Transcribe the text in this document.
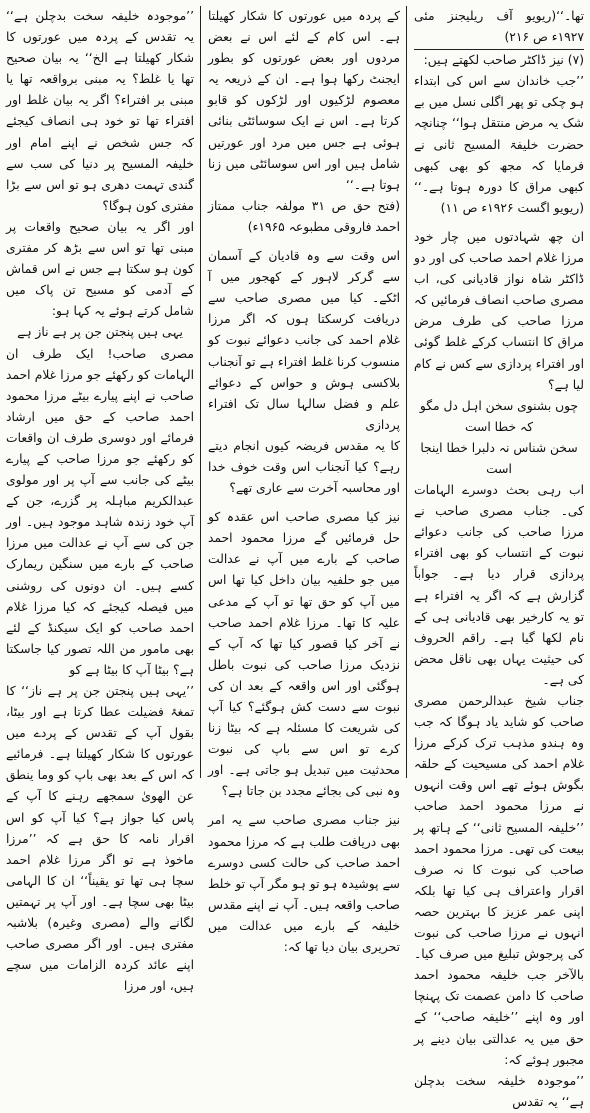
تھا۔‘‘(ریویو آف ریلیجنز مئی ۱۹۲۷ء ص ۲۱۶)

(۷) نیز ڈاکٹر صاحب لکھتے ہیں:

’’جب خاندان سے اس کی ابتداء ہو چکی تو پھر اگلی نسل میں بے شک یہ مرض منتقل ہوا‘‘ چنانچہ حضرت خلیفۃ المسیح ثانی نے فرمایا کہ مجھ کو بھی کبھی کبھی مراق کا دورہ ہوتا ہے۔‘‘ (ریویو اگست ۱۹۲۶ء ص ۱۱)

ان چھ شہادتوں میں چار خود مرزا غلام احمد صاحب کی اور دو ڈاکٹر شاہ نواز قادیانی کی، اب مصری صاحب انصاف فرمائیں کہ مرزا صاحب کی طرف مرض مراق کا انتساب کرکے غلط گوئی اور افتراء پردازی سے کس نے کام لیا ہے؟

چوں بشنوی سخن اہل دل مگو کہ خطا است

سخن شناس نہ دلبرا خطا اینجا است

اب رہی بحث دوسرے الہامات کی۔ جناب مصری صاحب نے مرزا صاحب کی جانب دعوائے نبوت کے انتساب کو بھی افتراء پردازی قرار دیا ہے۔ جواباً گزارش ہے کہ اگر یہ افتراء ہے تو یہ کارخیر بھی قادیانی ہی کے نام لکھا گیا ہے۔ راقم الحروف کی حیثیت یہاں بھی ناقل محض کی ہے۔

جناب شیخ عبدالرحمن مصری صاحب کو شاید یاد ہوگا کہ جب وہ ہندو مذہب ترک کرکے مرزا غلام احمد کی مسیحیت کے حلقہ بگوش ہوئے تھے اس وقت انہوں نے مرزا محمود احمد صاحب ’’خلیفہ المسیح ثانی‘‘ کے ہاتھ پر بیعت کی تھی۔ مرزا محمود احمد صاحب کی نبوت کا نہ صرف اقرار واعتراف ہی کیا تھا بلکہ اپنی عمر عزیز کا بہترین حصہ انہوں نے مرزا صاحب کی نبوت کی پرجوش تبلیغ میں صرف کیا۔ بالآخر جب خلیفہ محمود احمد صاحب کا دامن عصمت تک پہنچا اور وہ اپنے ’’خلیفہ صاحب‘‘ کے حق میں یہ عدالتی بیان دینے پر مجبور ہوئے کہ:

’’موجودہ خلیفہ سخت بدچلن ہے‘‘ یہ تقدس

کے پردہ میں عورتوں کا شکار کھیلتا ہے۔ اس کام کے لئے اس نے بعض مردوں اور بعض عورتوں کو بطور ایجنٹ رکھا ہوا ہے۔ ان کے ذریعہ یہ معصوم لڑکیوں اور لڑکوں کو قابو کرتا ہے۔ اس نے ایک سوسائٹی بنائی ہوئی ہے جس میں مرد اور عورتیں شامل ہیں اور اس سوسائٹی میں زنا ہوتا ہے۔‘‘

(فتح حق ص ۳۱ مولفہ جناب ممتاز احمد فاروقی مطبوعہ ۱۹۶۵ء)

اس وقت سے وہ قادیان کے آسمان سے گرکر لاہور کے کھجور میں آ اٹکے۔ کیا میں مصری صاحب سے دریافت کرسکتا ہوں کہ اگر مرزا غلام احمد کی جانب دعوائے نبوت کو منسوب کرنا غلط افتراء ہے تو آنجناب بلاکسی ہوش و حواس کے دعوائے علم و فضل سالہا سال تک افتراء پردازی

کا یہ مقدس فریضہ کیوں انجام دیتے رہے؟ کیا آنجناب اس وقت خوف خدا اور محاسبہ آخرت سے عاری تھے؟

نیز کیا مصری صاحب اس عقدہ کو حل فرمائیں گے مرزا محمود احمد صاحب کے بارے میں آپ نے عدالت میں جو حلفیہ بیان داخل کیا تھا اس میں آپ کو حق تھا تو آپ کے مدعی علیہ کا تھا۔ مرزا غلام احمد صاحب نے آخر کیا قصور کیا تھا کہ آپ کے نزدیک مرزا صاحب کی نبوت باطل ہوگئی اور اس واقعہ کے بعد ان کی نبوت سے دست کش ہوگئے؟ کیا آپ کی شریعت کا مسئلہ ہے کہ بیٹا زنا کرے تو اس سے باپ کی نبوت محدثیت میں تبدیل ہو جاتی ہے۔ اور وہ نبی کی بجائے مجدد بن جاتا ہے؟

نیز جناب مصری صاحب سے یہ امر بھی دریافت طلب ہے کہ مرزا محمود احمد صاحب کی حالت کسی دوسرے سے پوشیدہ ہو تو ہو مگر آپ تو خلط صاحب واقعہ ہیں۔ آپ نے اپنے مقدس خلیفہ کے بارے میں عدالت میں تحریری بیان دیا تھا کہ:

’’موجودہ خلیفہ سخت بدچلن ہے‘‘ یہ تقدس کے پردہ میں عورتوں کا شکار کھیلتا ہے الخ‘‘ یہ بیان صحیح تھا یا غلط؟ یہ مبنی برواقعہ تھا یا مبنی بر افتراء؟ اگر یہ بیان غلط اور افتراء تھا تو خود ہی انصاف کیجئے کہ جس شخص نے اپنے امام اور خلیفہ المسیح پر دنیا کی سب سے گندی تہمت دھری ہو تو اس سے بڑا مفتری کون ہوگا؟

اور اگر یہ بیان صحیح واقعات پر مبنی تھا تو اس سے بڑھ کر مفتری کون ہو سکتا ہے جس نے اس قماش کے آدمی کو مسیح تن پاک میں شامل کرتے ہوئے یہ کہا ہو:

یہی ہیں پنجتن جن پر ہے ناز ہے

مصری صاحب! ایک طرف ان الہامات کو رکھئے جو مرزا غلام احمد صاحب نے اپنے پیارے بیٹے مرزا محمود احمد صاحب کے حق میں ارشاد فرمائے اور دوسری طرف ان واقعات کو رکھئے جو مرزا صاحب کے پیارے بیٹے کی جانب سے آپ پر اور مولوی عبدالکریم مباہلہ پر گزرے، جن کے آپ خود زندہ شاہد موجود ہیں۔ اور جن کی سے آپ نے عدالت میں مرزا صاحب کے بارے میں سنگین ریمارک کسے ہیں۔ ان دونوں کی روشنی میں فیصلہ کیجئے کہ کیا مرزا غلام احمد صاحب کو ایک سیکنڈ کے لئے بھی مامور من اللہ تصور کیا جاسکتا ہے؟ بیٹا آپ کا بیٹا ہے کو

’’یہی ہیں پنجتن جن پر ہے ناز‘‘ کا تمغۂ فضیلت عطا کرتا ہے اور بیٹا، بقول آپ کے تقدس کے پردے میں عورتوں کا شکار کھیلتا ہے۔ فرمائیے کہ اس کے بعد بھی باپ کو وما ینطق عن الھویٰ سمجھے رہنے کا آپ کے پاس کیا جواز ہے؟ کیا آپ کو اس اقرار نامہ کا حق ہے کہ ’’مرزا ماخوذ ہے تو اگر مرزا غلام احمد سچا ہی تھا تو یقیناً‘‘ ان کا الہامی بیٹا بھی سچا ہے۔ اور آپ پر تہمتیں لگانے والے (مصری وغیرہ) بلاشبہ مفتری ہیں۔ اور اگر مصری صاحب اپنے عائد کردہ الزامات میں سچے ہیں، اور مرزا
